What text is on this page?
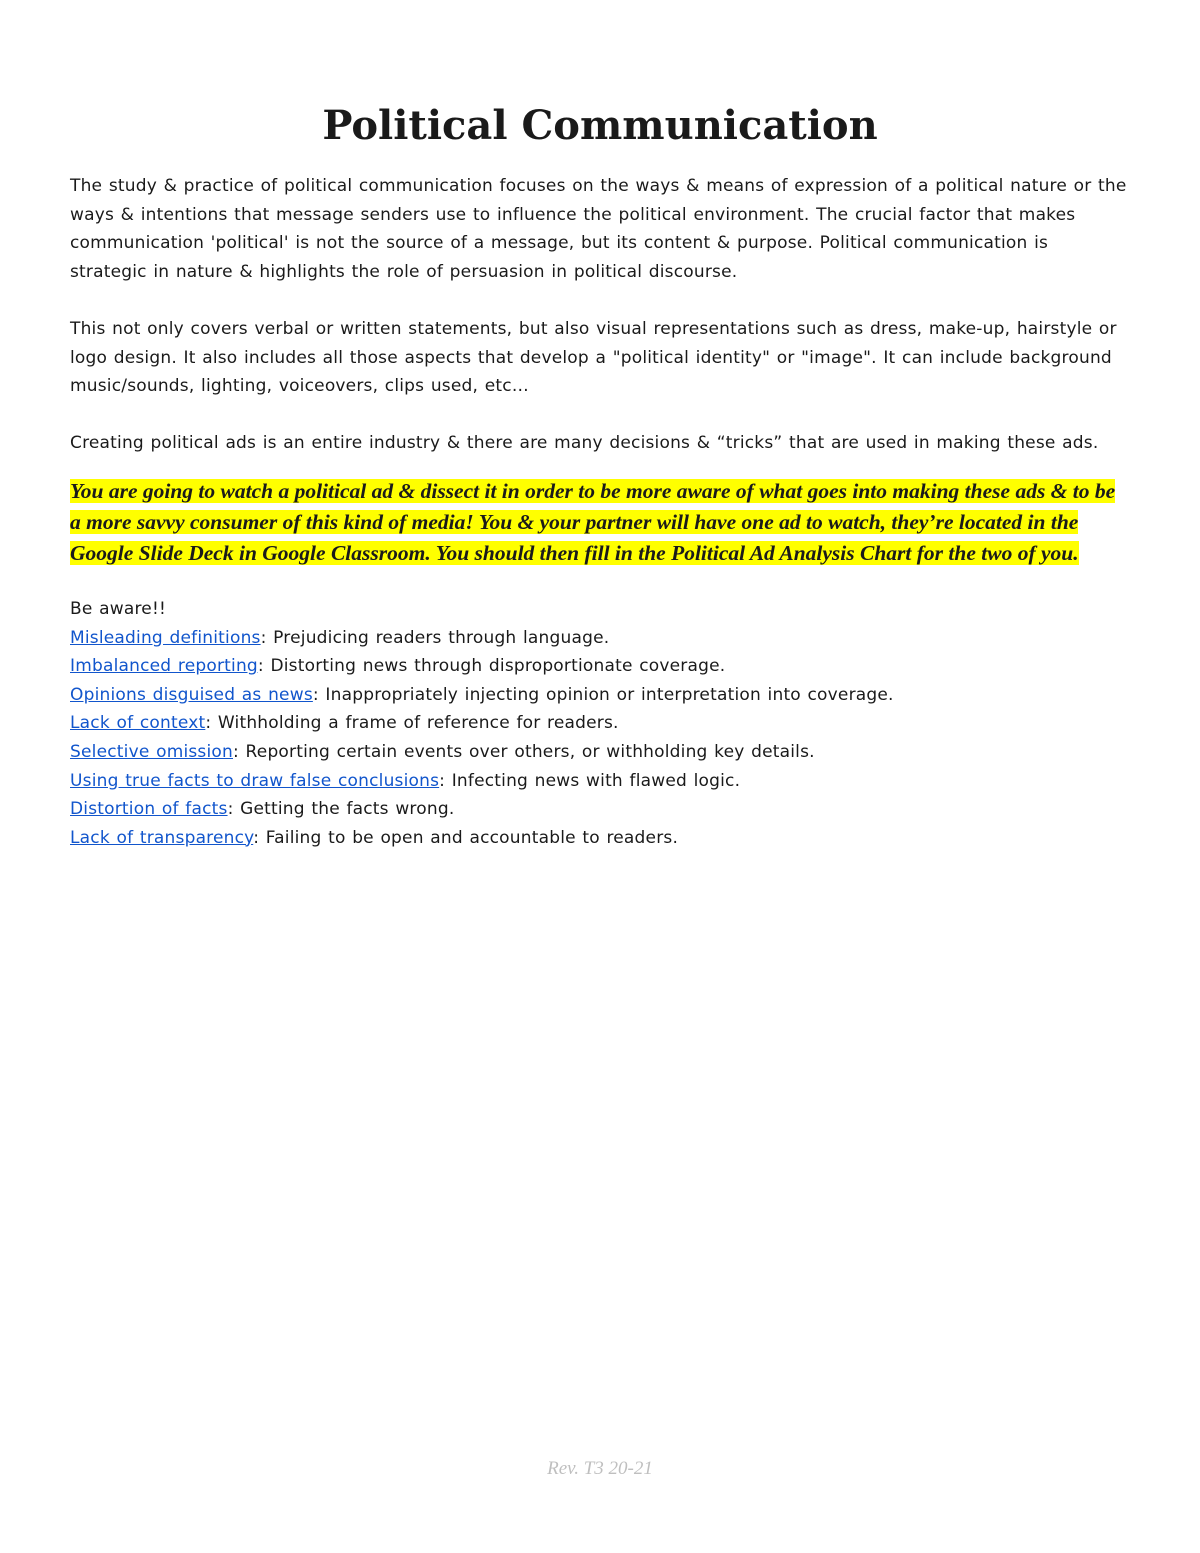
Political Communication

The study & practice of political communication focuses on the ways & means of expression of a political nature or the ways & intentions that message senders use to influence the political environment. The crucial factor that makes communication 'political' is not the source of a message, but its content & purpose. Political communication is strategic in nature & highlights the role of persuasion in political discourse.

This not only covers verbal or written statements, but also visual representations such as dress, make-up, hairstyle or logo design. It also includes all those aspects that develop a "political identity" or "image". It can include background music/sounds, lighting, voiceovers, clips used, etc…

Creating political ads is an entire industry & there are many decisions & “tricks” that are used in making these ads.

You are going to watch a political ad & dissect it in order to be more aware of what goes into making these ads & to be a more savvy consumer of this kind of media! You & your partner will have one ad to watch, they’re located in the Google Slide Deck in Google Classroom. You should then fill in the Political Ad Analysis Chart for the two of you.

Be aware!!
Misleading definitions: Prejudicing readers through language.
Imbalanced reporting: Distorting news through disproportionate coverage.
Opinions disguised as news: Inappropriately injecting opinion or interpretation into coverage.
Lack of context: Withholding a frame of reference for readers.
Selective omission: Reporting certain events over others, or withholding key details.
Using true facts to draw false conclusions: Infecting news with flawed logic.
Distortion of facts: Getting the facts wrong.
Lack of transparency: Failing to be open and accountable to readers.
Rev. T3 20-21
